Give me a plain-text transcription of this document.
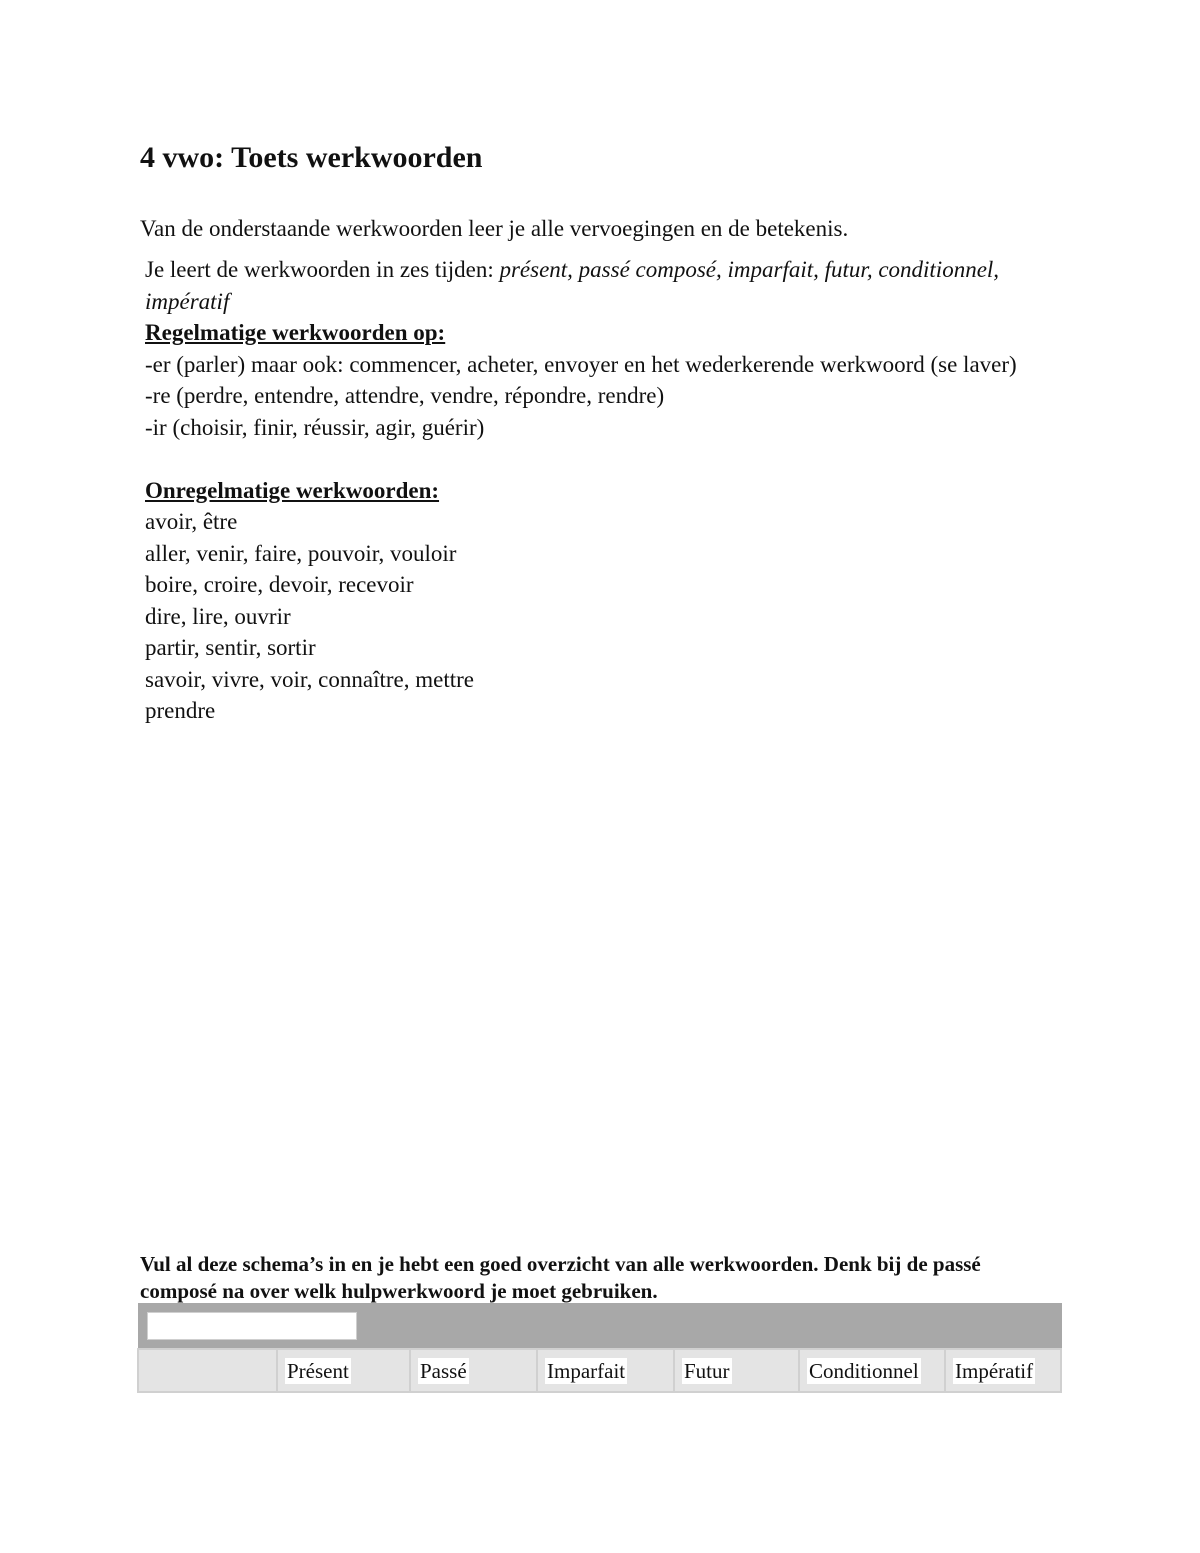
4 vwo: Toets werkwoorden

Van de onderstaande werkwoorden leer je alle vervoegingen en de betekenis.

Je leert de werkwoorden in zes tijden: présent, passé composé, imparfait, futur, conditionnel, impératif

Regelmatige werkwoorden op:

-er (parler) maar ook: commencer, acheter, envoyer en het wederkerende werkwoord (se laver)

-re (perdre, entendre, attendre, vendre, répondre, rendre)

-ir (choisir, finir, réussir, agir, guérir)

Onregelmatige werkwoorden:

avoir, être

aller, venir, faire, pouvoir, vouloir

boire, croire, devoir, recevoir

dire, lire, ouvrir

partir, sentir, sortir

savoir, vivre, voir, connaître, mettre

prendre

Vul al deze schema’s in en je hebt een goed overzicht van alle werkwoorden. Denk bij de passé composé na over welk hulpwerkwoord je moet gebruiken.

	Présent	Passé	Imparfait	Futur	Conditionnel	Impératif
